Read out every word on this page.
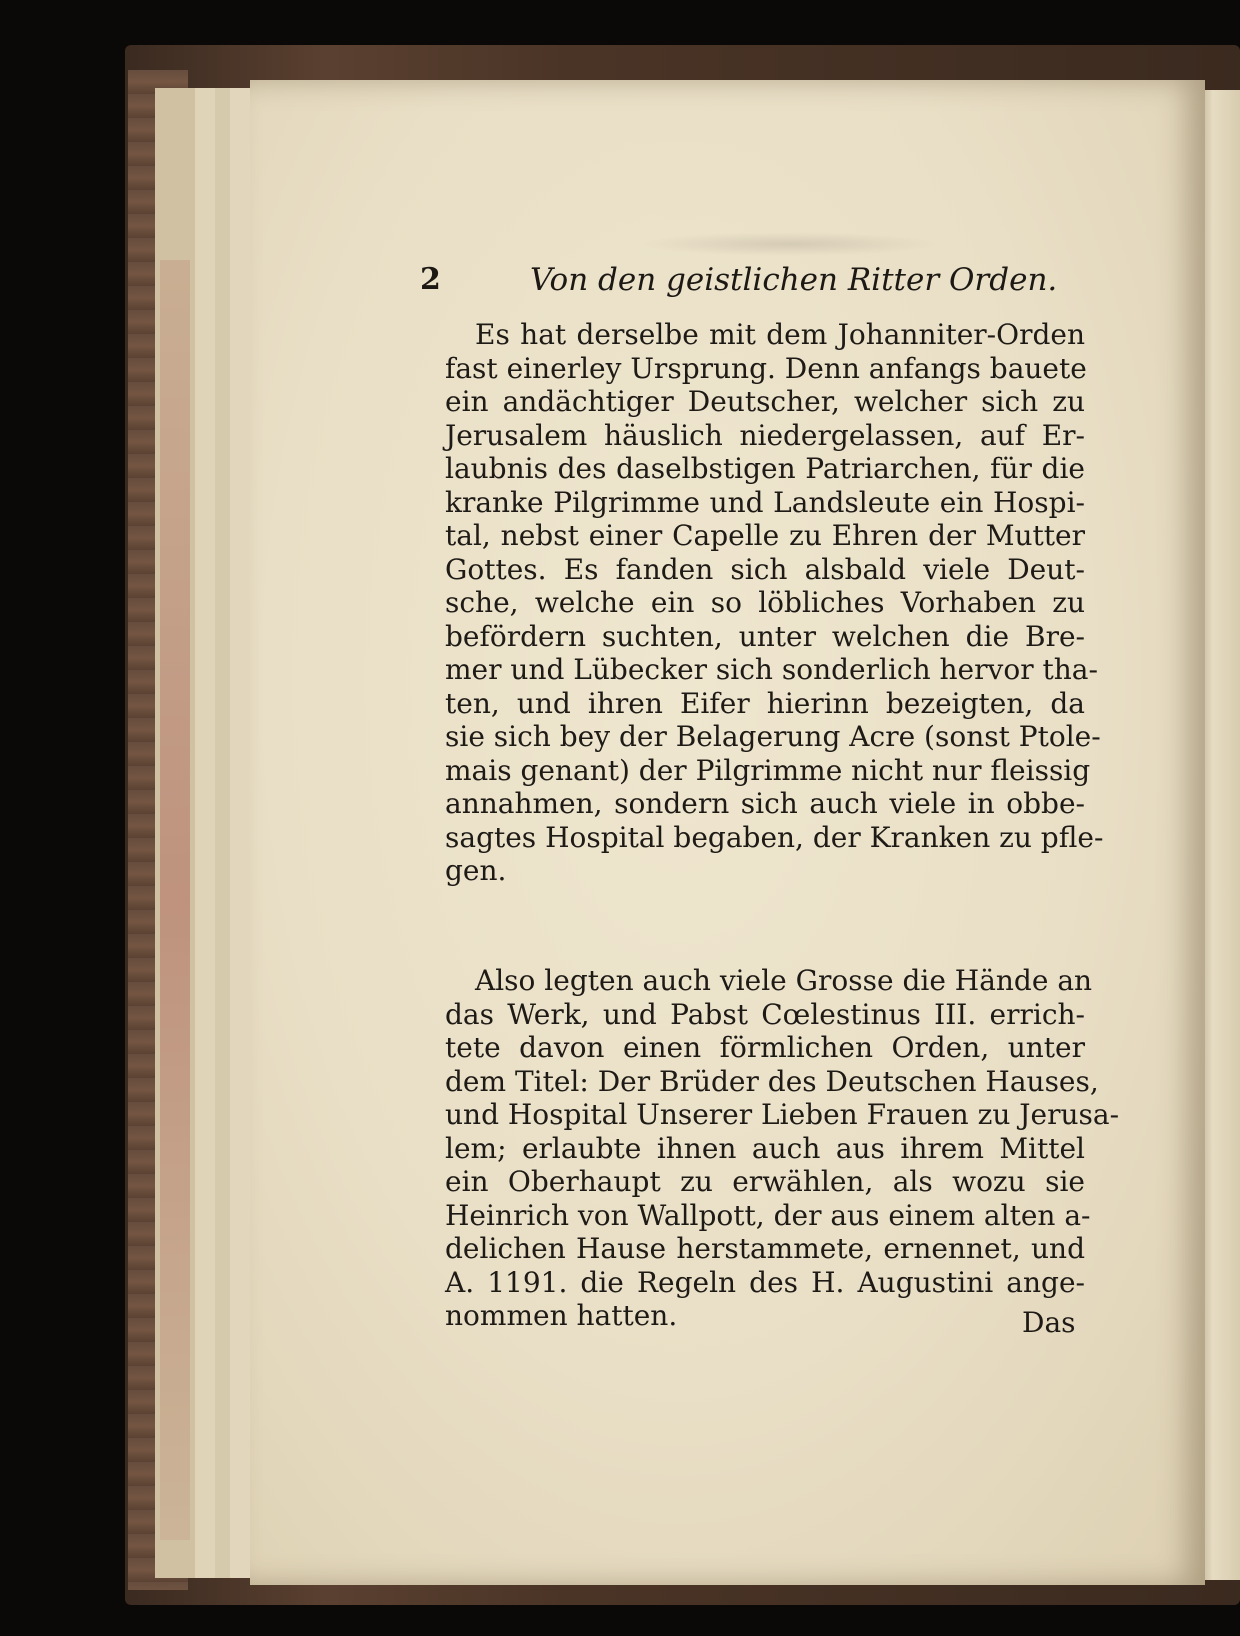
2	Von den geistlichen Ritter Orden.
Es hat derselbe mit dem Johanniter-Orden
fast einerley Ursprung. Denn anfangs bauete
ein andächtiger Deutscher, welcher sich zu
Jerusalem häuslich niedergelassen, auf Er-
laubnis des daselbstigen Patriarchen, für die
kranke Pilgrimme und Landsleute ein Hospi-
tal, nebst einer Capelle zu Ehren der Mutter
Gottes. Es fanden sich alsbald viele Deut-
sche, welche ein so löbliches Vorhaben zu
befördern suchten, unter welchen die Bre-
mer und Lübecker sich sonderlich hervor tha-
ten, und ihren Eifer hierinn bezeigten, da
sie sich bey der Belagerung Acre (sonst Ptole-
mais genant) der Pilgrimme nicht nur fleissig
annahmen, sondern sich auch viele in obbe-
sagtes Hospital begaben, der Kranken zu pfle-
gen.
Also legten auch viele Grosse die Hände an
das Werk, und Pabst Cœlestinus III. errich-
tete davon einen förmlichen Orden, unter
dem Titel: Der Brüder des Deutschen Hauses,
und Hospital Unserer Lieben Frauen zu Jerusa-
lem; erlaubte ihnen auch aus ihrem Mittel
ein Oberhaupt zu erwählen, als wozu sie
Heinrich von Wallpott, der aus einem alten a-
delichen Hause herstammete, ernennet, und
A. 1191. die Regeln des H. Augustini ange-
nommen hatten.	Das
